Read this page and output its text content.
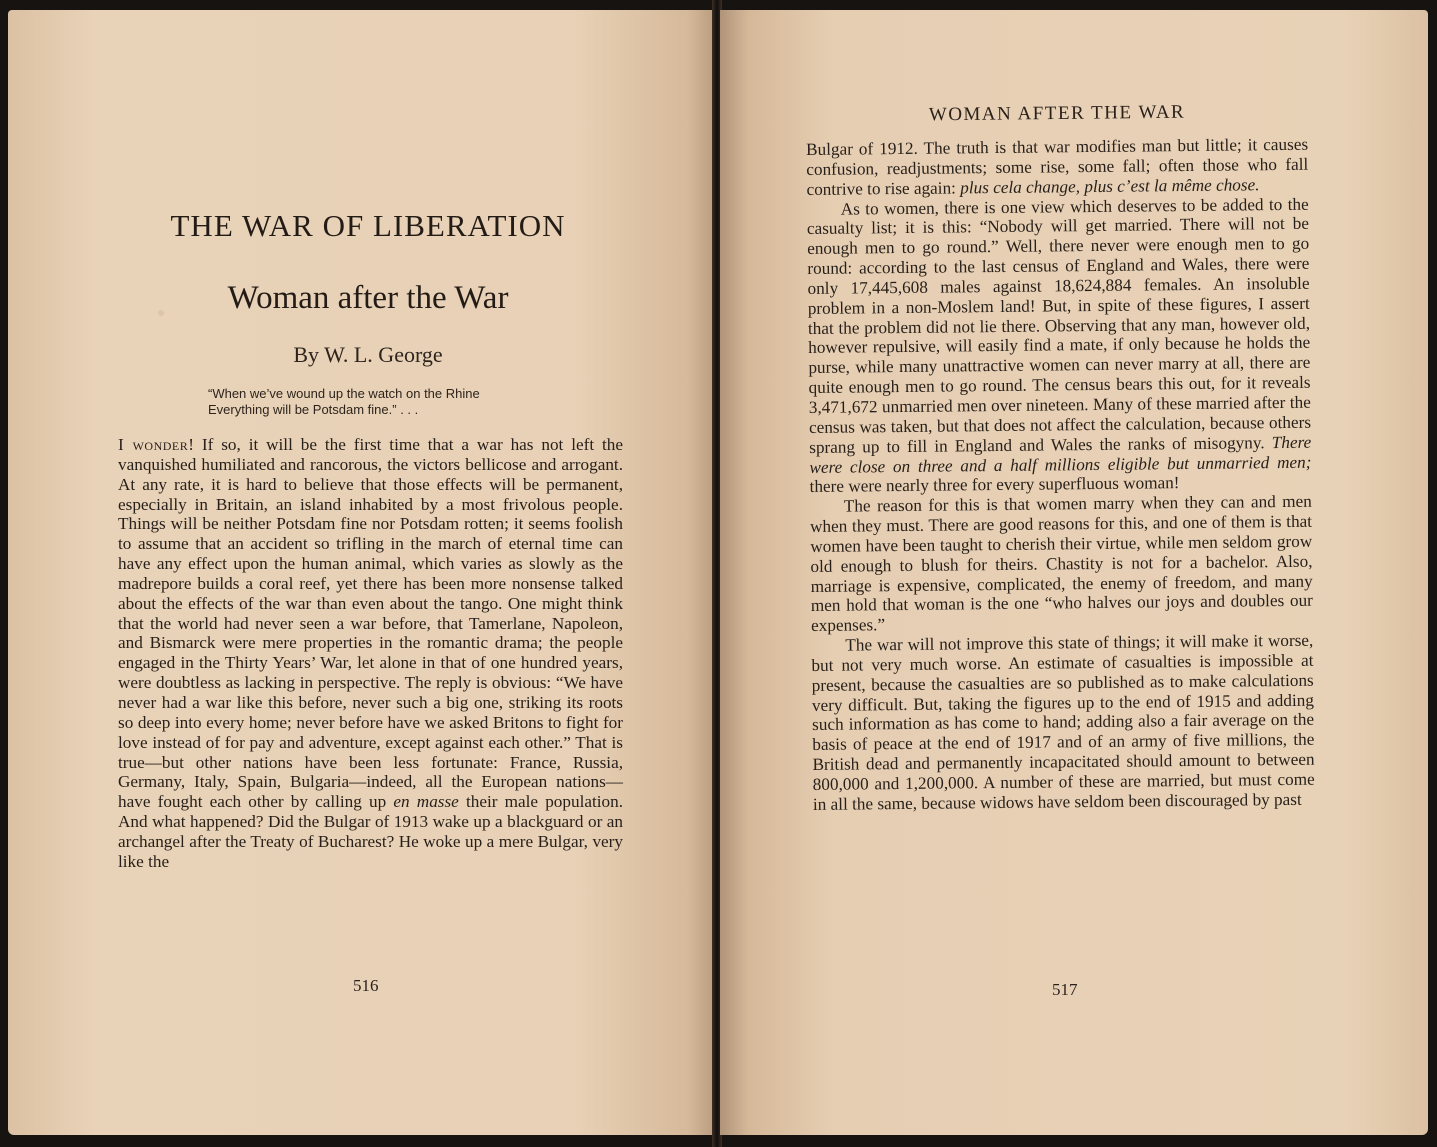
THE WAR OF LIBERATION
Woman after the War

By W. L. George

“When we’ve wound up the watch on the Rhine
Everything will be Potsdam fine.” . . .

I wonder! If so, it will be the first time that a war has not left the vanquished humiliated and rancorous, the victors bellicose and arrogant. At any rate, it is hard to believe that those effects will be permanent, especially in Britain, an island inhabited by a most frivolous people. Things will be neither Potsdam fine nor Potsdam rotten; it seems foolish to assume that an accident so trifling in the march of eternal time can have any effect upon the human animal, which varies as slowly as the madrepore builds a coral reef, yet there has been more nonsense talked about the effects of the war than even about the tango. One might think that the world had never seen a war before, that Tamerlane, Napoleon, and Bismarck were mere properties in the romantic drama; the people engaged in the Thirty Years’ War, let alone in that of one hundred years, were doubtless as lacking in perspective. The reply is obvious: “We have never had a war like this before, never such a big one, striking its roots so deep into every home; never before have we asked Britons to fight for love instead of for pay and adventure, except against each other.” That is true—but other nations have been less fortunate: France, Russia, Germany, Italy, Spain, Bulgaria—indeed, all the European nations—have fought each other by calling up en masse their male population. And what happened? Did the Bulgar of 1913 wake up a blackguard or an archangel after the Treaty of Bucharest? He woke up a mere Bulgar, very like the

516
WOMAN AFTER THE WAR

Bulgar of 1912. The truth is that war modifies man but little; it causes confusion, readjustments; some rise, some fall; often those who fall contrive to rise again: plus cela change, plus c’est la même chose.

As to women, there is one view which deserves to be added to the casualty list; it is this: “Nobody will get married. There will not be enough men to go round.” Well, there never were enough men to go round: according to the last census of England and Wales, there were only 17,445,608 males against 18,624,884 females. An insoluble problem in a non-Moslem land! But, in spite of these figures, I assert that the problem did not lie there. Observing that any man, however old, however repulsive, will easily find a mate, if only because he holds the purse, while many unattractive women can never marry at all, there are quite enough men to go round. The census bears this out, for it reveals 3,471,672 unmarried men over nineteen. Many of these married after the census was taken, but that does not affect the calculation, because others sprang up to fill in England and Wales the ranks of misogyny. There were close on three and a half millions eligible but unmarried men; there were nearly three for every superfluous woman!

The reason for this is that women marry when they can and men when they must. There are good reasons for this, and one of them is that women have been taught to cherish their virtue, while men seldom grow old enough to blush for theirs. Chastity is not for a bachelor. Also, marriage is expensive, complicated, the enemy of freedom, and many men hold that woman is the one “who halves our joys and doubles our expenses.”

The war will not improve this state of things; it will make it worse, but not very much worse. An estimate of casualties is impossible at present, because the casualties are so published as to make calculations very difficult. But, taking the figures up to the end of 1915 and adding such information as has come to hand; adding also a fair average on the basis of peace at the end of 1917 and of an army of five millions, the British dead and permanently incapacitated should amount to between 800,000 and 1,200,000. A number of these are married, but must come in all the same, because widows have seldom been discouraged by past

517
